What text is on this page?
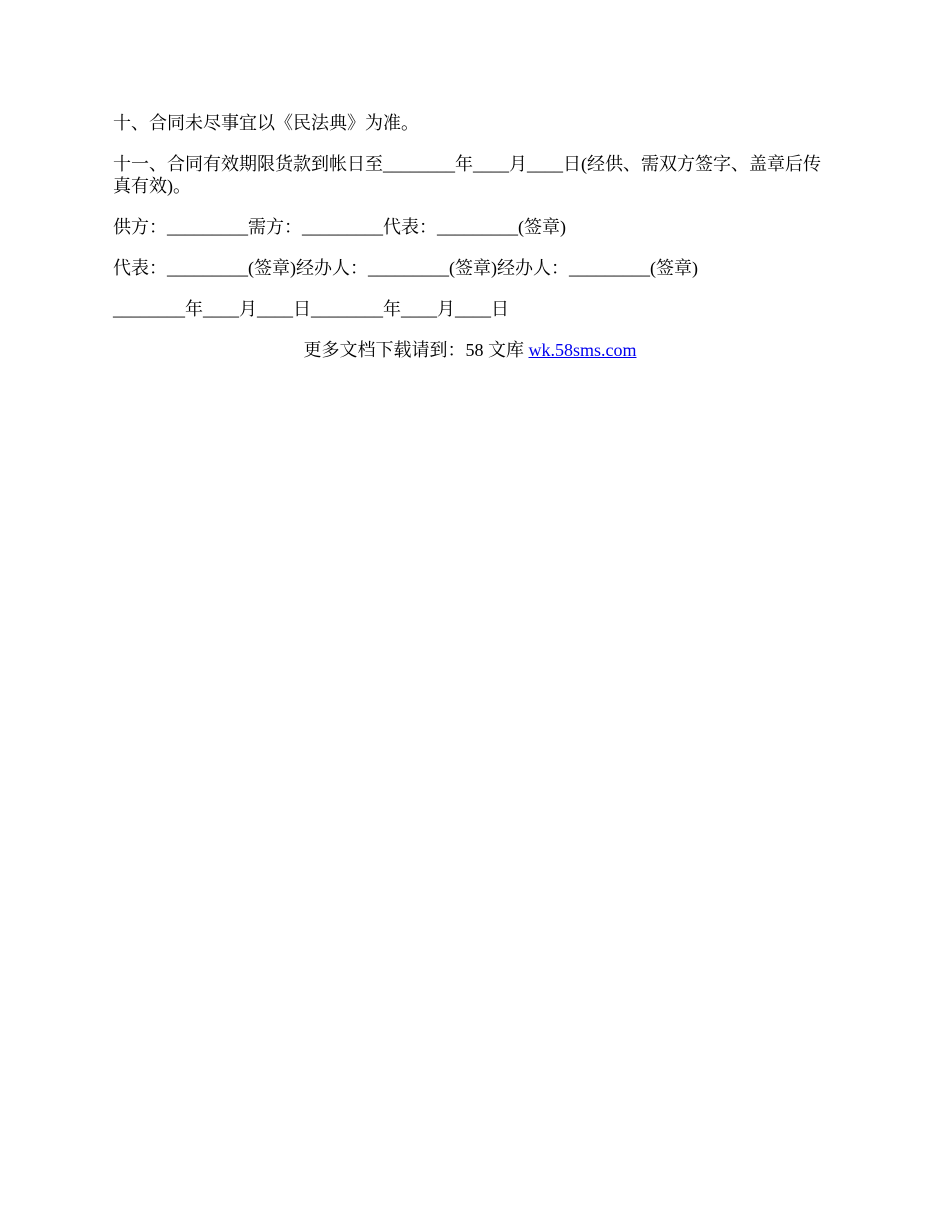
十、合同未尽事宜以《民法典》为准。

十一、合同有效期限货款到帐日至________年____月____日(经供、需双方签字、盖章后传真有效)。

供方：_________需方：_________代表：_________(签章)

代表：_________(签章)经办人：_________(签章)经办人：_________(签章)

________年____月____日________年____月____日

更多文档下载请到：58 文库 wk.58sms.com
